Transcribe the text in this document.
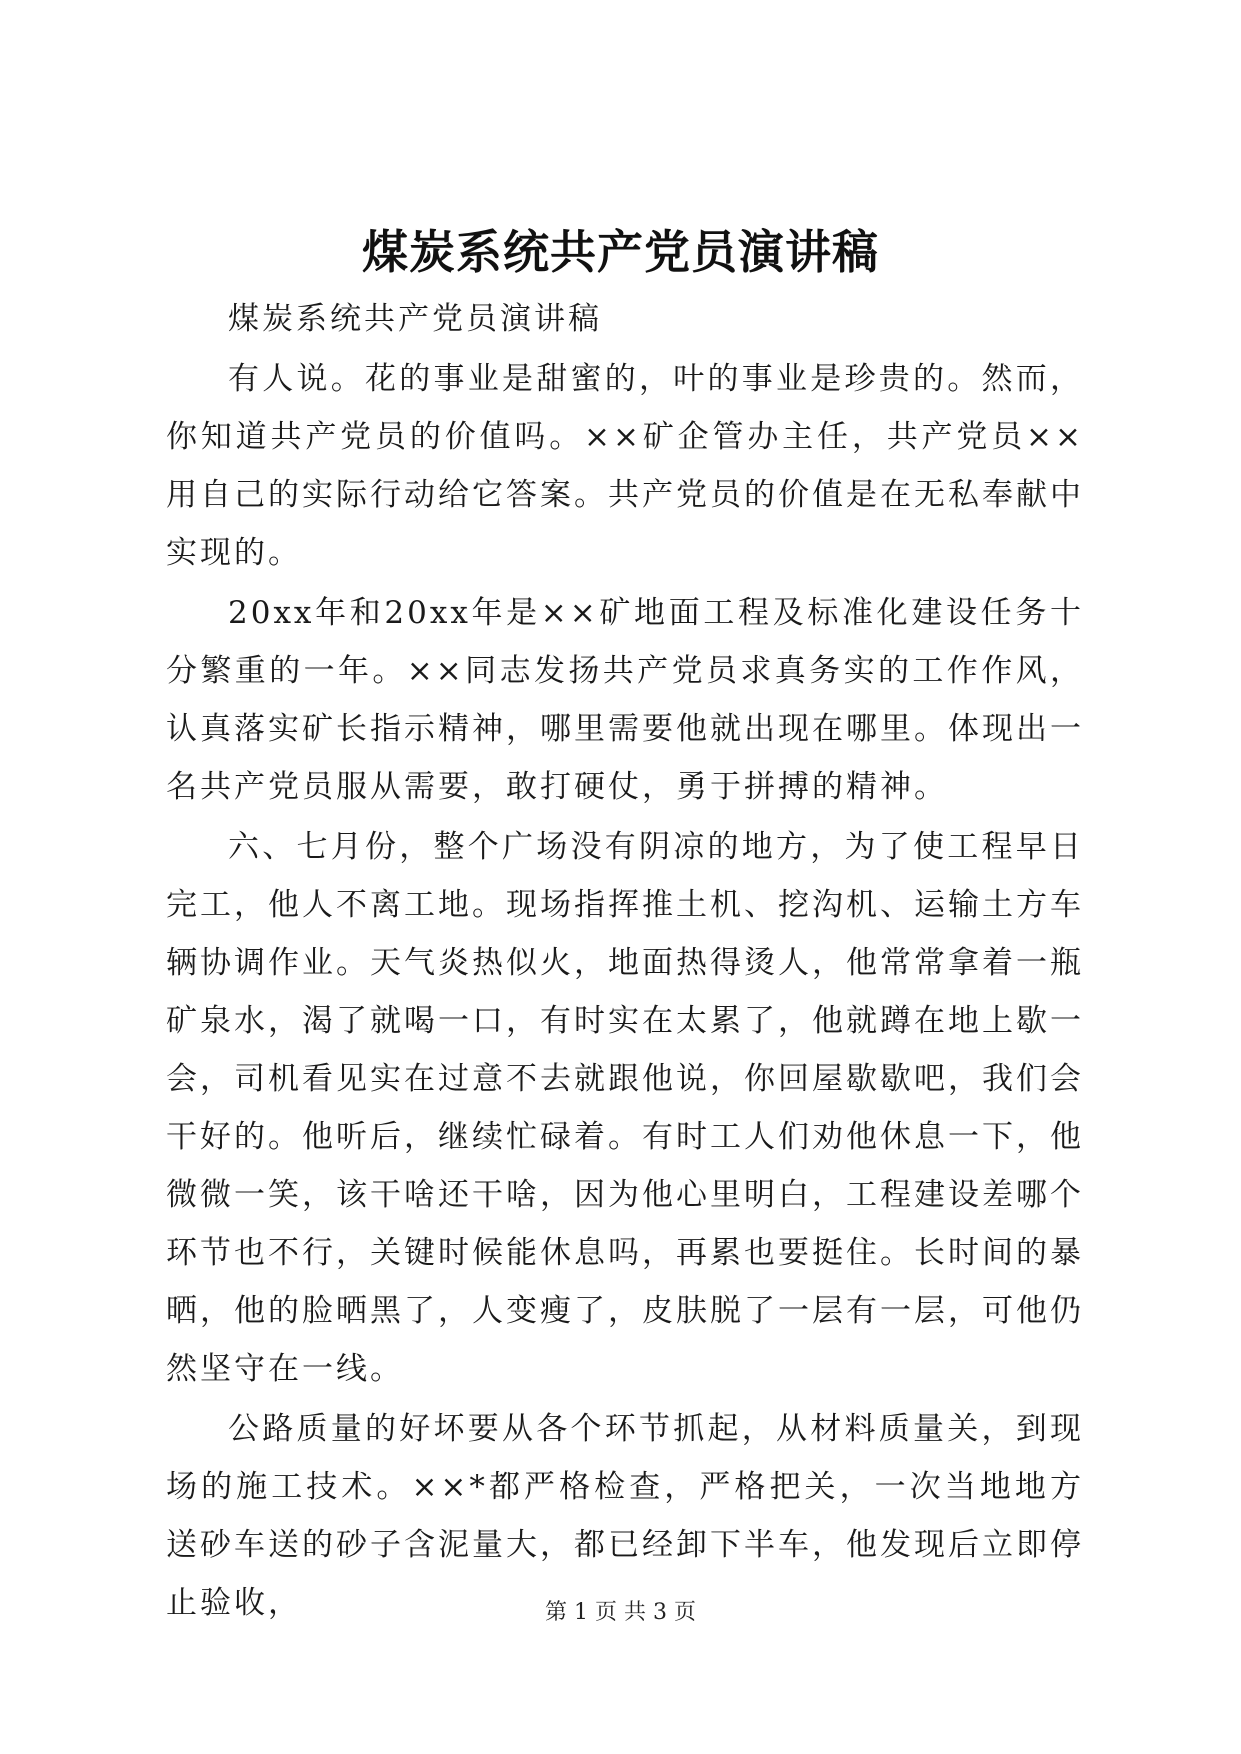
煤炭系统共产党员演讲稿

煤炭系统共产党员演讲稿

有人说。花的事业是甜蜜的，叶的事业是珍贵的。然而，你知道共产党员的价值吗。××矿企管办主任，共产党员××用自己的实际行动给它答案。共产党员的价值是在无私奉献中实现的。

20xx年和20xx年是××矿地面工程及标准化建设任务十分繁重的一年。××同志发扬共产党员求真务实的工作作风，认真落实矿长指示精神，哪里需要他就出现在哪里。体现出一名共产党员服从需要，敢打硬仗，勇于拼搏的精神。

六、七月份，整个广场没有阴凉的地方，为了使工程早日完工，他人不离工地。现场指挥推土机、挖沟机、运输土方车辆协调作业。天气炎热似火，地面热得烫人，他常常拿着一瓶矿泉水，渴了就喝一口，有时实在太累了，他就蹲在地上歇一会，司机看见实在过意不去就跟他说，你回屋歇歇吧，我们会干好的。他听后，继续忙碌着。有时工人们劝他休息一下，他微微一笑，该干啥还干啥，因为他心里明白，工程建设差哪个环节也不行，关键时候能休息吗，再累也要挺住。长时间的暴晒，他的脸晒黑了，人变瘦了，皮肤脱了一层有一层，可他仍然坚守在一线。

公路质量的好坏要从各个环节抓起，从材料质量关，到现场的施工技术。××*都严格检查，严格把关，一次当地地方送砂车送的砂子含泥量大，都已经卸下半车，他发现后立即停止验收，	第 1 页 共 3 页
